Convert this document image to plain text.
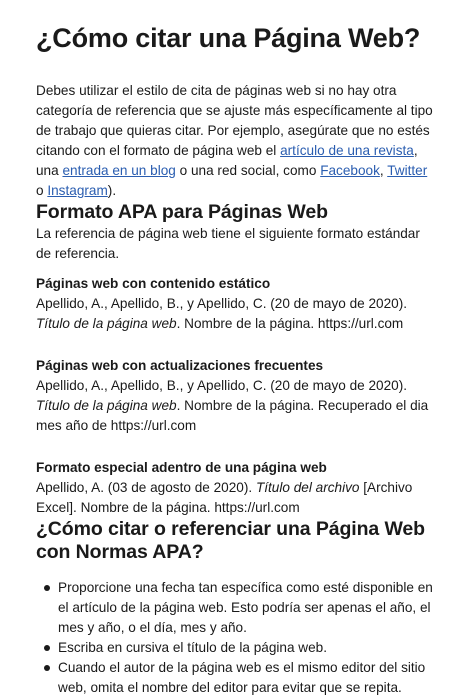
¿Cómo citar una Página Web?

Debes utilizar el estilo de cita de páginas web si no hay otra categoría de referencia que se ajuste más específicamente al tipo de trabajo que quieras citar. Por ejemplo, asegúrate que no estés citando con el formato de página web el artículo de una revista, una entrada en un blog o una red social, como Facebook, Twitter o Instagram).

Formato APA para Páginas Web

La referencia de página web tiene el siguiente formato estándar de referencia.

Páginas web con contenido estático

Apellido, A., Apellido, B., y Apellido, C. (20 de mayo de 2020). Título de la página web. Nombre de la página. https://url.com

Páginas web con actualizaciones frecuentes

Apellido, A., Apellido, B., y Apellido, C. (20 de mayo de 2020). Título de la página web. Nombre de la página. Recuperado el dia mes año de https://url.com

Formato especial adentro de una página web

Apellido, A. (03 de agosto de 2020). Título del archivo [Archivo Excel]. Nombre de la página. https://url.com

¿Cómo citar o referenciar una Página Web con Normas APA?
Proporcione una fecha tan específica como esté disponible en el artículo de la página web. Esto podría ser apenas el año, el mes y año, o el día, mes y año.
Escriba en cursiva el título de la página web.
Cuando el autor de la página web es el mismo editor del sitio web, omita el nombre del editor para evitar que se repita.
